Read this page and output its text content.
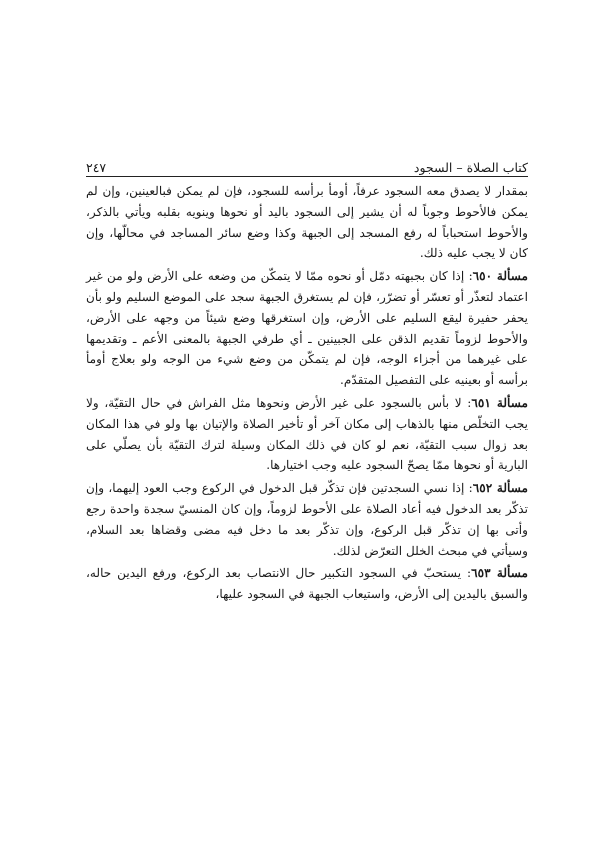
كتاب الصلاة – السجود
٢٤٧

بمقدار لا يصدق معه السجود عرفاً، أومأ برأسه للسجود، فإن لم يمكن فبالعينين، وإن لم يمكن فالأحوط وجوباً له أن يشير إلى السجود باليد أو نحوها وينويه بقلبه ويأتي بالذكر، والأحوط استحباباً له رفع المسجد إلى الجبهة وكذا وضع سائر المساجد في محالّها، وإن كان لا يجب عليه ذلك.

مسألة ٦٥٠: إذا كان بجبهته دمّل أو نحوه ممّا لا يتمكّن من وضعه على الأرض ولو من غير اعتماد لتعذّر أو تعسّر أو تضرّر، فإن لم يستغرق الجبهة سجد على الموضع السليم ولو بأن يحفر حفيرة ليقع السليم على الأرض، وإن استغرقها وضع شيئاً من وجهه على الأرض، والأحوط لزوماً تقديم الذقن على الجبينين ـ أي طرفي الجبهة بالمعنى الأعم ـ وتقديمها على غيرهما من أجزاء الوجه، فإن لم يتمكّن من وضع شيء من الوجه ولو بعلاج أومأ برأسه أو بعينيه على التفصيل المتقدّم.

مسألة ٦٥١: لا بأس بالسجود على غير الأرض ونحوها مثل الفراش في حال التقيّة، ولا يجب التخلّص منها بالذهاب إلى مكان آخر أو تأخير الصلاة والإتيان بها ولو في هذا المكان بعد زوال سبب التقيّة، نعم لو كان في ذلك المكان وسيلة لترك التقيّة بأن يصلّي على البارية أو نحوها ممّا يصحّ السجود عليه وجب اختيارها.

مسألة ٦٥٢: إذا نسي السجدتين فإن تذكّر قبل الدخول في الركوع وجب العود إليهما، وإن تذكّر بعد الدخول فيه أعاد الصلاة على الأحوط لزوماً، وإن كان المنسيّ سجدة واحدة رجع وأتى بها إن تذكّر قبل الركوع، وإن تذكّر بعد ما دخل فيه مضى وقضاها بعد السلام، وسيأتي في مبحث الخلل التعرّض لذلك.

مسألة ٦٥٣: يستحبّ في السجود التكبير حال الانتصاب بعد الركوع، ورفع اليدين حاله، والسبق باليدين إلى الأرض، واستيعاب الجبهة في السجود عليها،
